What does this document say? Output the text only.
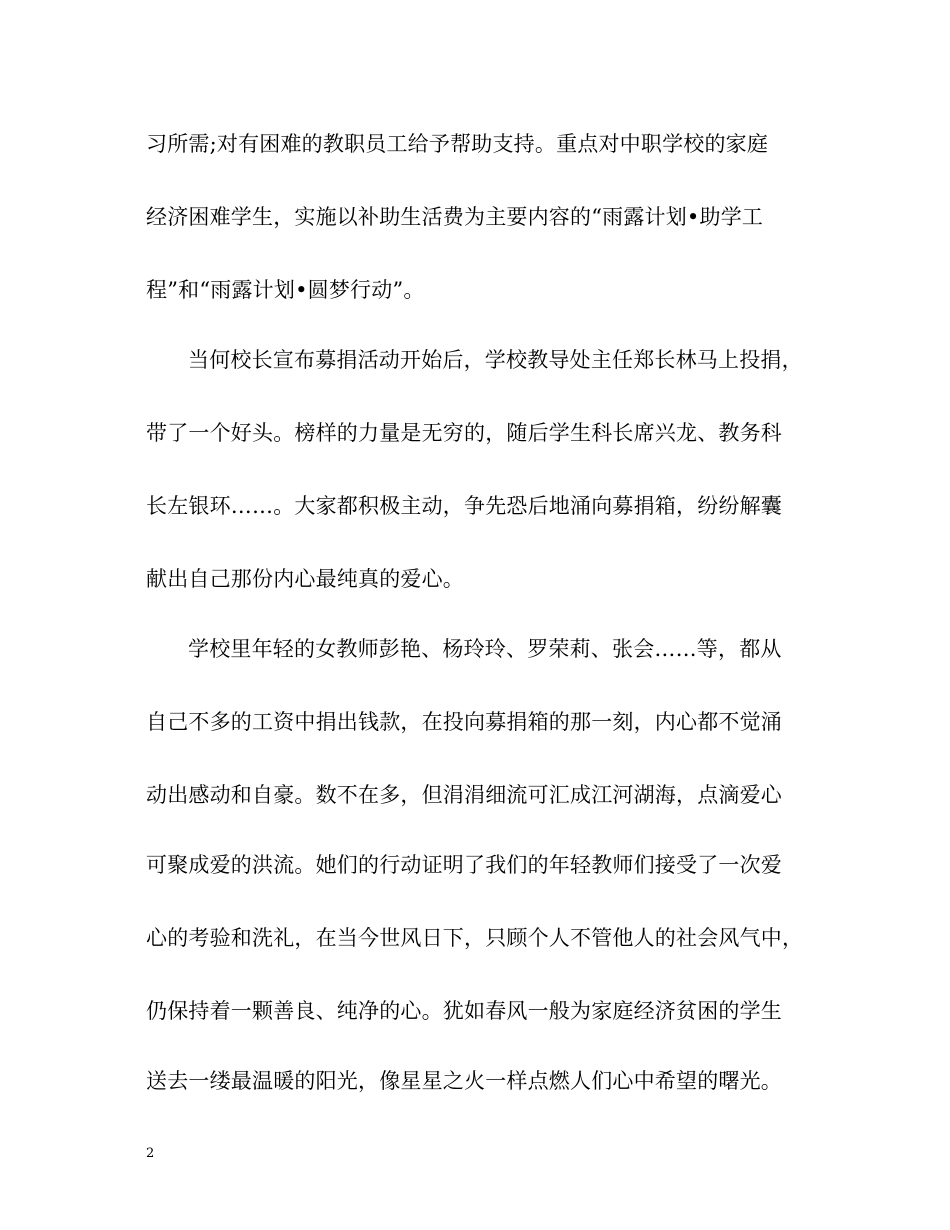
习所需;对有困难的教职员工给予帮助支持。重点对中职学校的家庭
经济困难学生，实施以补助生活费为主要内容的“雨露计划•助学工
程”和“雨露计划•圆梦行动”。
当何校长宣布募捐活动开始后，学校教导处主任郑长林马上投捐，
带了一个好头。榜样的力量是无穷的，随后学生科长席兴龙、教务科
长左银环……。大家都积极主动，争先恐后地涌向募捐箱，纷纷解囊
献出自己那份内心最纯真的爱心。
学校里年轻的女教师彭艳、杨玲玲、罗荣莉、张会……等，都从
自己不多的工资中捐出钱款，在投向募捐箱的那一刻，内心都不觉涌
动出感动和自豪。数不在多，但涓涓细流可汇成江河湖海，点滴爱心
可聚成爱的洪流。她们的行动证明了我们的年轻教师们接受了一次爱
心的考验和洗礼，在当今世风日下，只顾个人不管他人的社会风气中，
仍保持着一颗善良、纯净的心。犹如春风一般为家庭经济贫困的学生
送去一缕最温暖的阳光，像星星之火一样点燃人们心中希望的曙光。
2
